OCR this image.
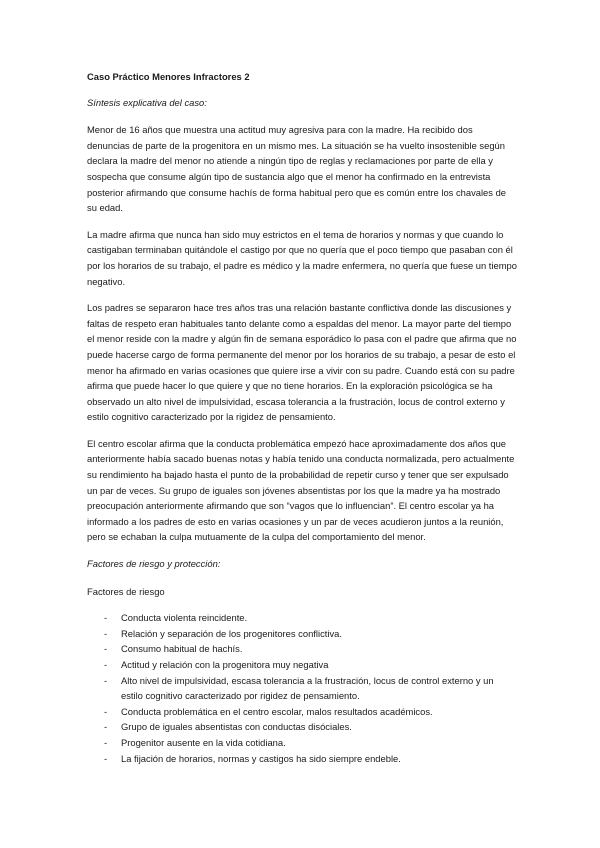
Caso Práctico Menores Infractores 2
Síntesis explicativa del caso:

Menor de 16 años que muestra una actitud muy agresiva para con la madre. Ha recibido dos denuncias de parte de la progenitora en un mismo mes. La situación se ha vuelto insostenible según declara la madre del menor no atiende a ningún tipo de reglas y reclamaciones por parte de ella y sospecha que consume algún tipo de sustancia algo que el menor ha confirmado en la entrevista posterior afirmando que consume hachís de forma habitual pero que es común entre los chavales de su edad.

La madre afirma que nunca han sido muy estrictos en el tema de horarios y normas y que cuando lo castigaban terminaban quitándole el castigo por que no quería que el poco tiempo que pasaban con él por los horarios de su trabajo, el padre es médico y la madre enfermera, no quería que fuese un tiempo negativo.

Los padres se separaron hace tres años tras una relación bastante conflictiva donde las discusiones y faltas de respeto eran habituales tanto delante como a espaldas del menor. La mayor parte del tiempo el menor reside con la madre y algún fin de semana esporádico lo pasa con el padre que afirma que no puede hacerse cargo de forma permanente del menor por los horarios de su trabajo, a pesar de esto el menor ha afirmado en varias ocasiones que quiere irse a vivir con su padre. Cuando está con su padre afirma que puede hacer lo que quiere y que no tiene horarios. En la exploración psicológica se ha observado un alto nivel de impulsividad, escasa tolerancia a la frustración, locus de control externo y estilo cognitivo caracterizado por la rigidez de pensamiento.

El centro escolar afirma que la conducta problemática empezó hace aproximadamente dos años que anteriormente había sacado buenas notas y había tenido una conducta normalizada, pero actualmente su rendimiento ha bajado hasta el punto de la probabilidad de repetir curso y tener que ser expulsado un par de veces. Su grupo de iguales son jóvenes absentistas por los que la madre ya ha mostrado preocupación anteriormente afirmando que son “vagos que lo influencian”. El centro escolar ya ha informado a los padres de esto en varias ocasiones y un par de veces acudieron juntos a la reunión, pero se echaban la culpa mutuamente de la culpa del comportamiento del menor.

Factores de riesgo y protección:
Factores de riesgo
- Conducta violenta reincidente.
- Relación y separación de los progenitores conflictiva.
- Consumo habitual de hachís.
- Actitud y relación con la progenitora muy negativa
- Alto nivel de impulsividad, escasa tolerancia a la frustración, locus de control externo y un estilo cognitivo caracterizado por rigidez de pensamiento.
- Conducta problemática en el centro escolar, malos resultados académicos.
- Grupo de iguales absentistas con conductas disóciales.
- Progenitor ausente en la vida cotidiana.
- La fijación de horarios, normas y castigos ha sido siempre endeble.
